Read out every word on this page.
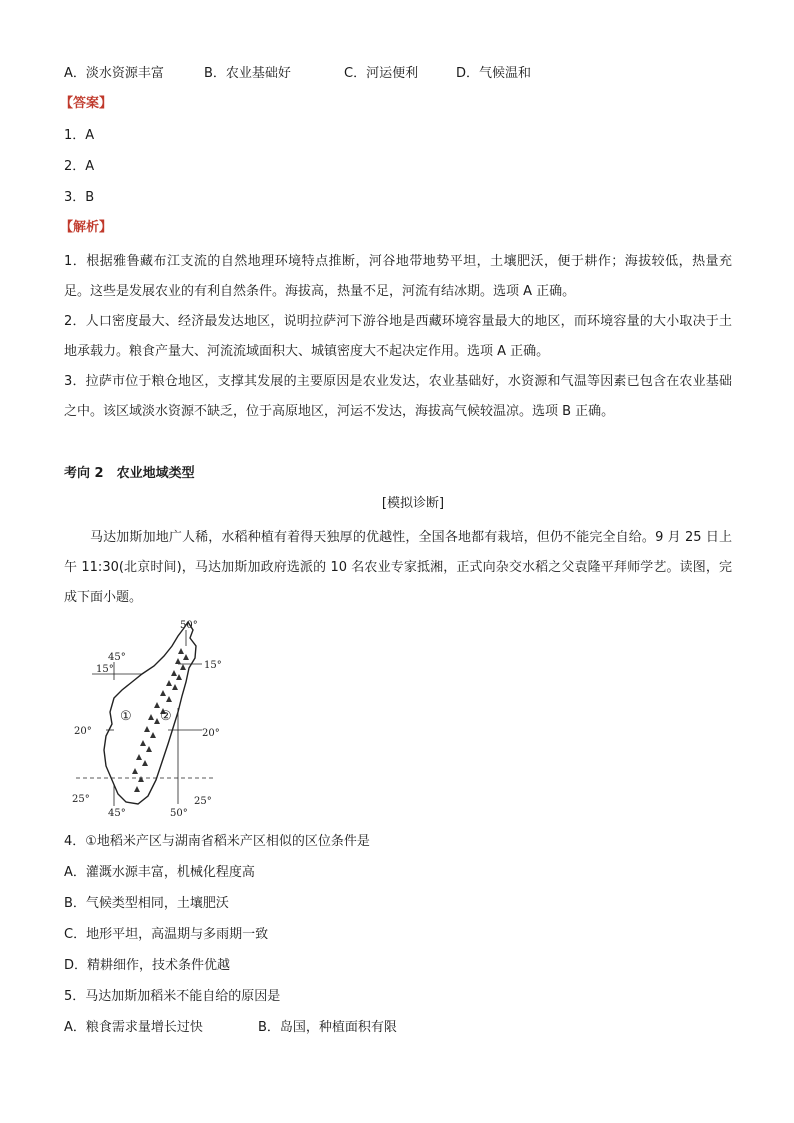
A．淡水资源丰富	B．农业基础好	C．河运便利	D．气候温和
【答案】
1．A
2．A
3．B
【解析】

1．根据雅鲁藏布江支流的自然地理环境特点推断，河谷地带地势平坦，土壤肥沃，便于耕作；海拔较低，热量充足。这些是发展农业的有利自然条件。海拔高，热量不足，河流有结冰期。选项 A 正确。

2．人口密度最大、经济最发达地区，说明拉萨河下游谷地是西藏环境容量最大的地区，而环境容量的大小取决于土地承载力。粮食产量大、河流流域面积大、城镇密度大不起决定作用。选项 A 正确。

3．拉萨市位于粮仓地区，支撑其发展的主要原因是农业发达，农业基础好，水资源和气温等因素已包含在农业基础之中。该区域淡水资源不缺乏，位于高原地区，河运不发达，海拔高气候较温凉。选项 B 正确。

考向 2　农业地域类型
[模拟诊断]
马达加斯加地广人稀，水稻种植有着得天独厚的优越性，全国各地都有栽培，但仍不能完全自给。9 月 25 日上午 11:30(北京时间)，马达加斯加政府选派的 10 名农业专家抵湘，正式向杂交水稻之父袁隆平拜师学艺。读图，完成下面小题。
45°
50°
15°	15°
20°	20°
25°	25°
45°	50°
① ②
4．①地稻米产区与湖南省稻米产区相似的区位条件是
A．灌溉水源丰富，机械化程度高
B．气候类型相同，土壤肥沃
C．地形平坦，高温期与多雨期一致
D．精耕细作，技术条件优越
5．马达加斯加稻米不能自给的原因是
A．粮食需求量增长过快	B．岛国，种植面积有限
